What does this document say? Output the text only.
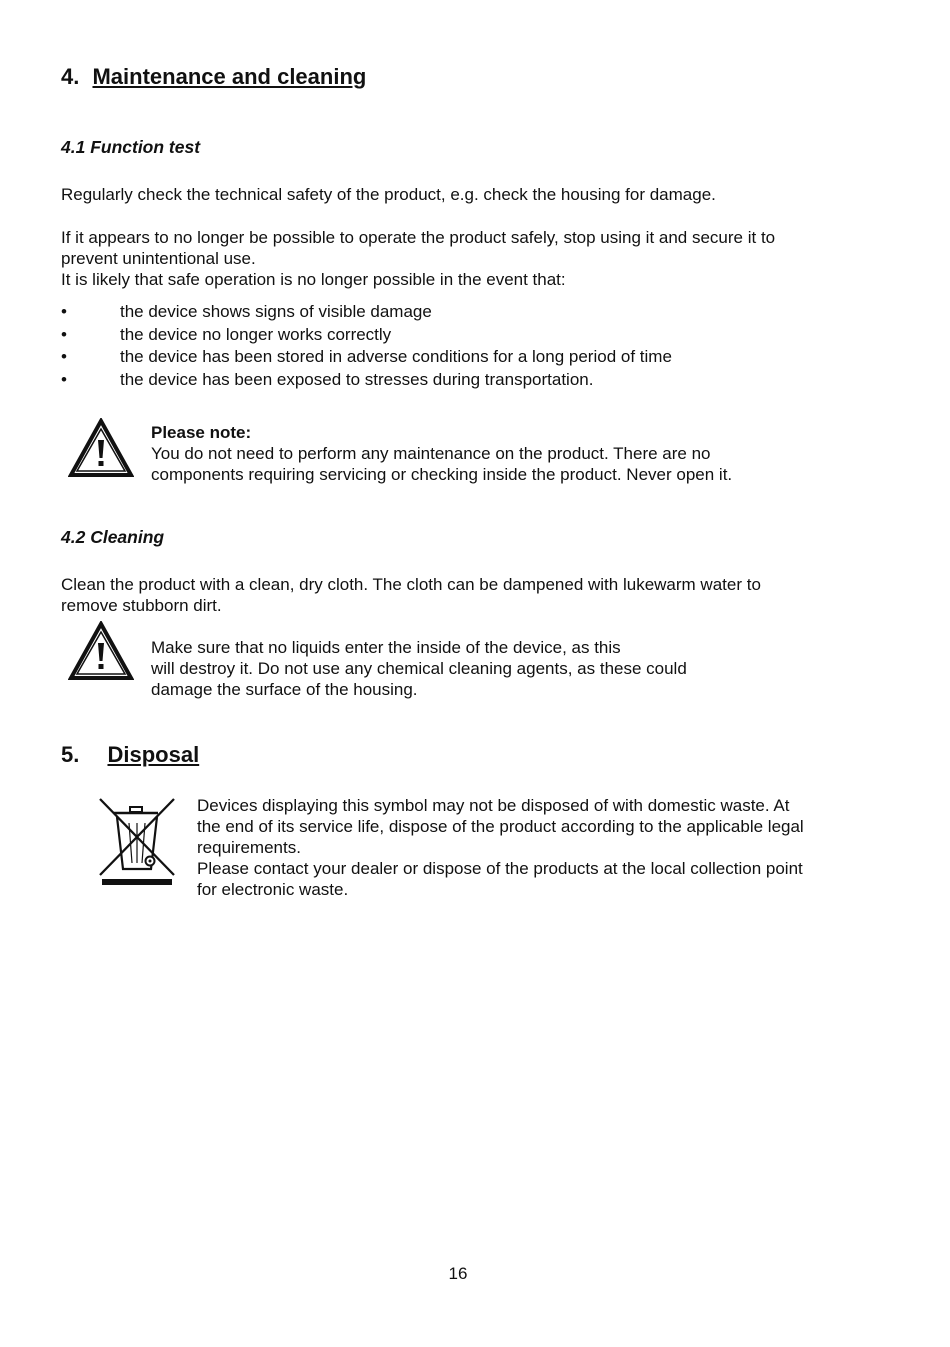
4. Maintenance and cleaning
4.1 Function test
Regularly check the technical safety of the product, e.g. check the housing for damage.
If it appears to no longer be possible to operate the product safely, stop using it and secure it to
prevent unintentional use.
It is likely that safe operation is no longer possible in the event that:
•	the device shows signs of visible damage
•	the device no longer works correctly
•	the device has been stored in adverse conditions for a long period of time
•	the device has been exposed to stresses during transportation.
Please note:
You do not need to perform any maintenance on the product. There are no
components requiring servicing or checking inside the product. Never open it.
4.2 Cleaning
Clean the product with a clean, dry cloth. The cloth can be dampened with lukewarm water to
remove stubborn dirt.
Make sure that no liquids enter the inside of the device, as this
will destroy it. Do not use any chemical cleaning agents, as these could
damage the surface of the housing.
5. Disposal
Devices displaying this symbol may not be disposed of with domestic waste. At
the end of its service life, dispose of the product according to the applicable legal
requirements.
Please contact your dealer or dispose of the products at the local collection point
for electronic waste.
16
